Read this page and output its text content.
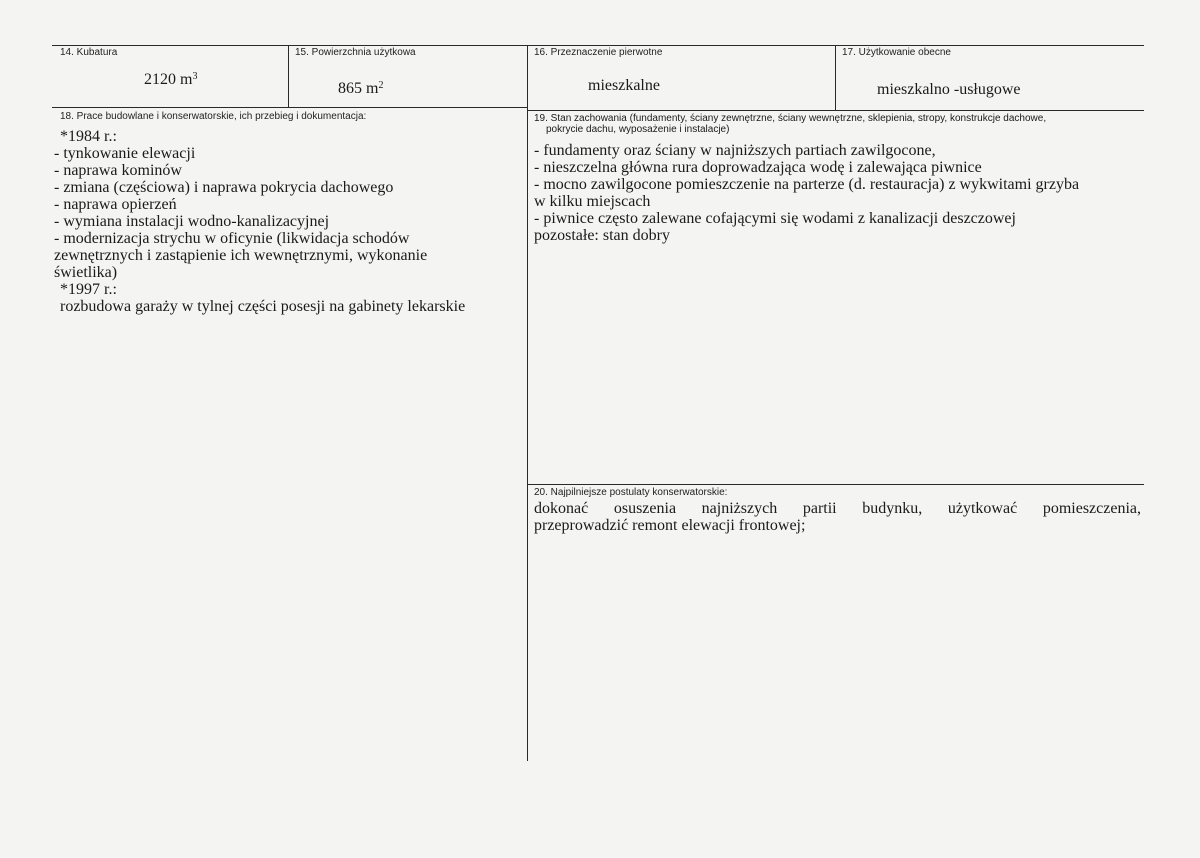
14. Kubatura
2120 $m^3$
15. Powierzchnia użytkowa
865 $m^2$
16. Przeznaczenie pierwotne
mieszkalne
17. Użytkowanie obecne
mieszkalno -usługowe
18. Prace budowlane i konserwatorskie, ich przebieg i dokumentacja:
*1984 r.:
- tynkowanie elewacji
- naprawa kominów
- zmiana (częściowa) i naprawa pokrycia dachowego
- naprawa opierzeń
- wymiana instalacji wodno-kanalizacyjnej
- modernizacja strychu w oficynie (likwidacja schodów
zewnętrznych i zastąpienie ich wewnętrznymi, wykonanie
świetlika)
*1997 r.:
rozbudowa garaży w tylnej części posesji na gabinety lekarskie
19. Stan zachowania (fundamenty, ściany zewnętrzne, ściany wewnętrzne, sklepienia, stropy, konstrukcje dachowe,
pokrycie dachu, wyposażenie i instalacje)
- fundamenty oraz ściany w najniższych partiach zawilgocone,
- nieszczelna główna rura doprowadzająca wodę i zalewająca piwnice
- mocno zawilgocone pomieszczenie na parterze (d. restauracja) z wykwitami grzyba
w kilku miejscach
- piwnice często zalewane cofającymi się wodami z kanalizacji deszczowej
pozostałe: stan dobry
20. Najpilniejsze postulaty konserwatorskie:
dokonać osuszenia najniższych partii budynku, użytkować pomieszczenia,
przeprowadzić remont elewacji frontowej;
